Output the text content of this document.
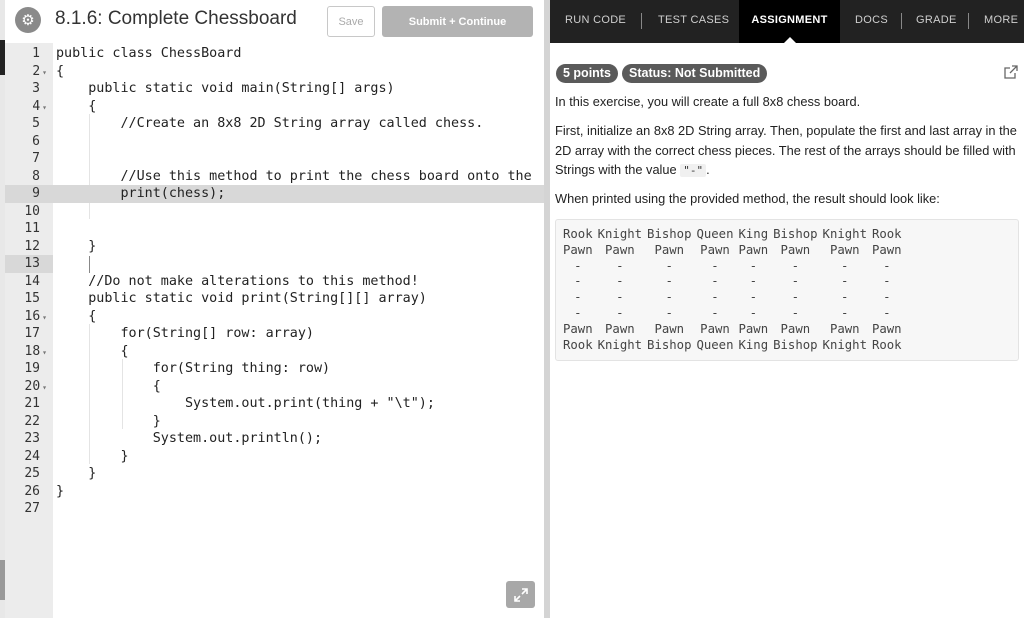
⚙	8.1.6: Complete Chessboard	Save	Submit + Continue
1	public class ChessBoard
2 ▾ {
3	public static void main(String[] args)
4 ▾ {
5	//Create an 8x8 2D String array called chess.
6
7
8	//Use this method to print the chess board onto the
9	print(chess);
10
11
12	}
13
14	//Do not make alterations to this method!
15	public static void print(String[][] array)
16 ▾ {
17	for(String[] row: array)
18 ▾ {
19	for(String thing: row)
20 ▾ {
21	System.out.print(thing + "\t");
22	}
23	System.out.println();
24	}
25	}
26	}
27
RUN CODE	TEST CASES	ASSIGNMENT	DOCS	GRADE MORE
5 points	Status: Not Submitted
In this exercise, you will create a full 8x8 chess board.
First, initialize an 8x8 2D String array. Then, populate the first and last array in the 2D array with the correct chess pieces. The rest of the arrays should be filled with Strings with the value "-" .
When printed using the provided method, the result should look like:
Rook	Knight	Bishop	Queen	King	Bishop	Knight	Rook
Pawn	Pawn	Pawn	Pawn	Pawn	Pawn	Pawn	Pawn
-	-	-	-	-	-	-	-
-	-	-	-	-	-	-	-
-	-	-	-	-	-	-	-
-	-	-	-	-	-	-	-
Pawn	Pawn	Pawn	Pawn	Pawn	Pawn	Pawn	Pawn
Rook	Knight	Bishop	Queen	King	Bishop	Knight	Rook
